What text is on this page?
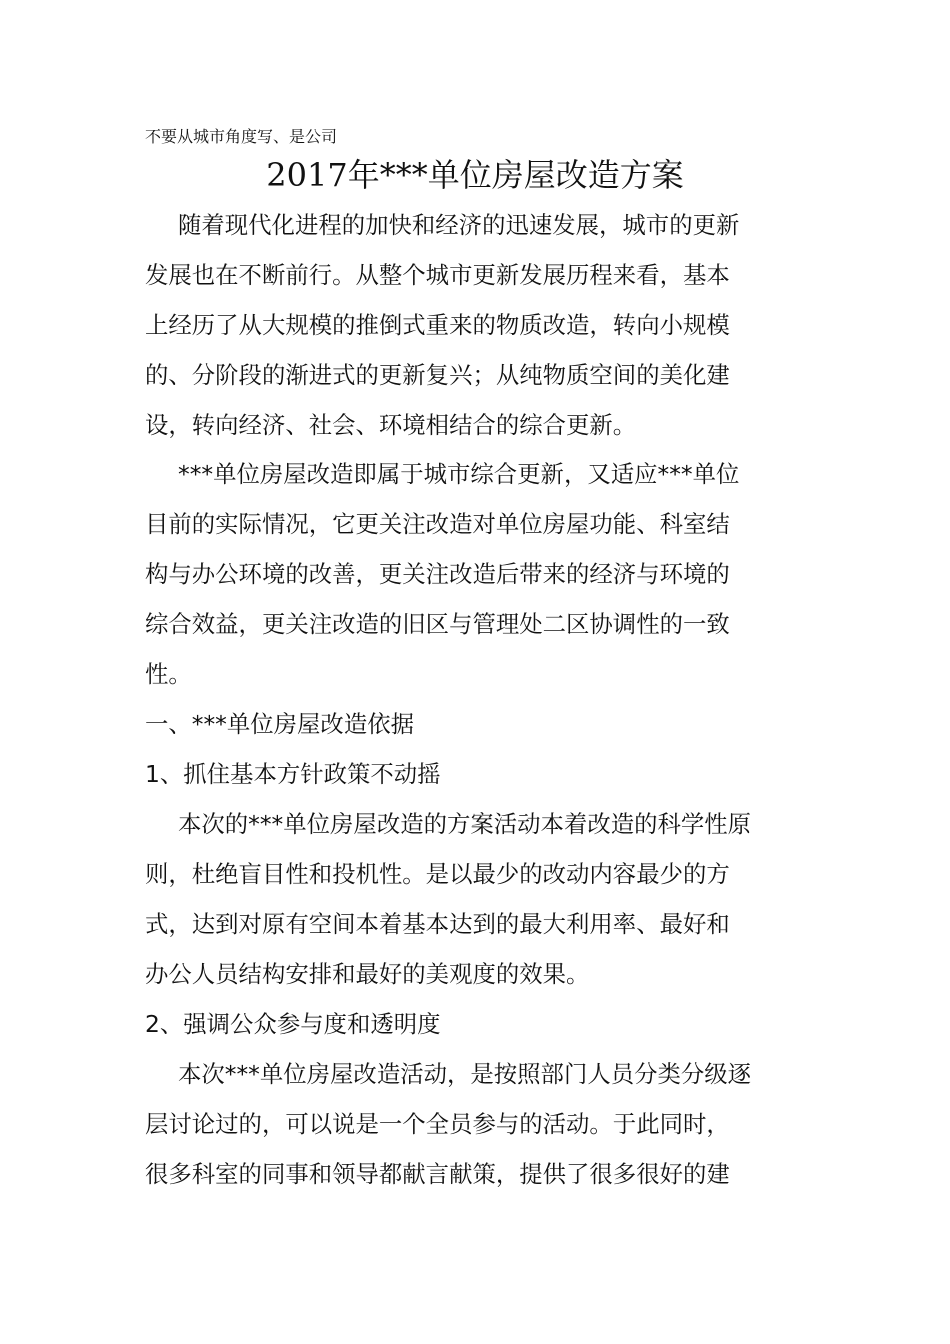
不要从城市角度写、是公司
2017年***单位房屋改造方案
随着现代化进程的加快和经济的迅速发展，城市的更新
发展也在不断前行。从整个城市更新发展历程来看，基本
上经历了从大规模的推倒式重来的物质改造，转向小规模
的、分阶段的渐进式的更新复兴；从纯物质空间的美化建
设，转向经济、社会、环境相结合的综合更新。
***单位房屋改造即属于城市综合更新，又适应***单位
目前的实际情况，它更关注改造对单位房屋功能、科室结
构与办公环境的改善，更关注改造后带来的经济与环境的
综合效益，更关注改造的旧区与管理处二区协调性的一致
性。
一、***单位房屋改造依据
1、抓住基本方针政策不动摇
本次的***单位房屋改造的方案活动本着改造的科学性原
则，杜绝盲目性和投机性。是以最少的改动内容最少的方
式，达到对原有空间本着基本达到的最大利用率、最好和
办公人员结构安排和最好的美观度的效果。
2、强调公众参与度和透明度
本次***单位房屋改造活动，是按照部门人员分类分级逐
层讨论过的，可以说是一个全员参与的活动。于此同时，
很多科室的同事和领导都献言献策，提供了很多很好的建
